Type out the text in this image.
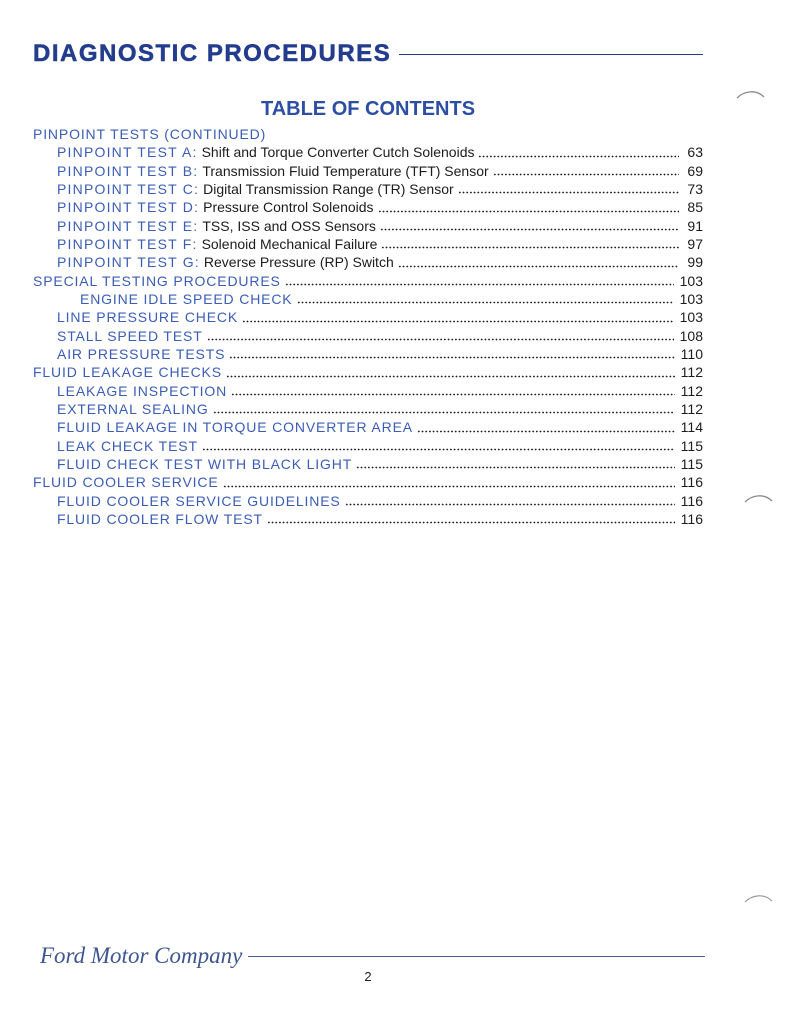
DIAGNOSTIC PROCEDURES
TABLE OF CONTENTS
PINPOINT TESTS (CONTINUED)
PINPOINT TEST A: Shift and Torque Converter Cutch Solenoids	63
PINPOINT TEST B: Transmission Fluid Temperature (TFT) Sensor	69
PINPOINT TEST C: Digital Transmission Range (TR) Sensor	73
PINPOINT TEST D: Pressure Control Solenoids	85
PINPOINT TEST E: TSS, ISS and OSS Sensors	91
PINPOINT TEST F: Solenoid Mechanical Failure	97
PINPOINT TEST G: Reverse Pressure (RP) Switch	99
SPECIAL TESTING PROCEDURES	103
ENGINE IDLE SPEED CHECK	103
LINE PRESSURE CHECK	103
STALL SPEED TEST	108
AIR PRESSURE TESTS	110
FLUID LEAKAGE CHECKS	112
LEAKAGE INSPECTION	112
EXTERNAL SEALING	112
FLUID LEAKAGE IN TORQUE CONVERTER AREA	114
LEAK CHECK TEST	115
FLUID CHECK TEST WITH BLACK LIGHT	115
FLUID COOLER SERVICE	116
FLUID COOLER SERVICE GUIDELINES	116
FLUID COOLER FLOW TEST	116
Ford Motor Company
2
